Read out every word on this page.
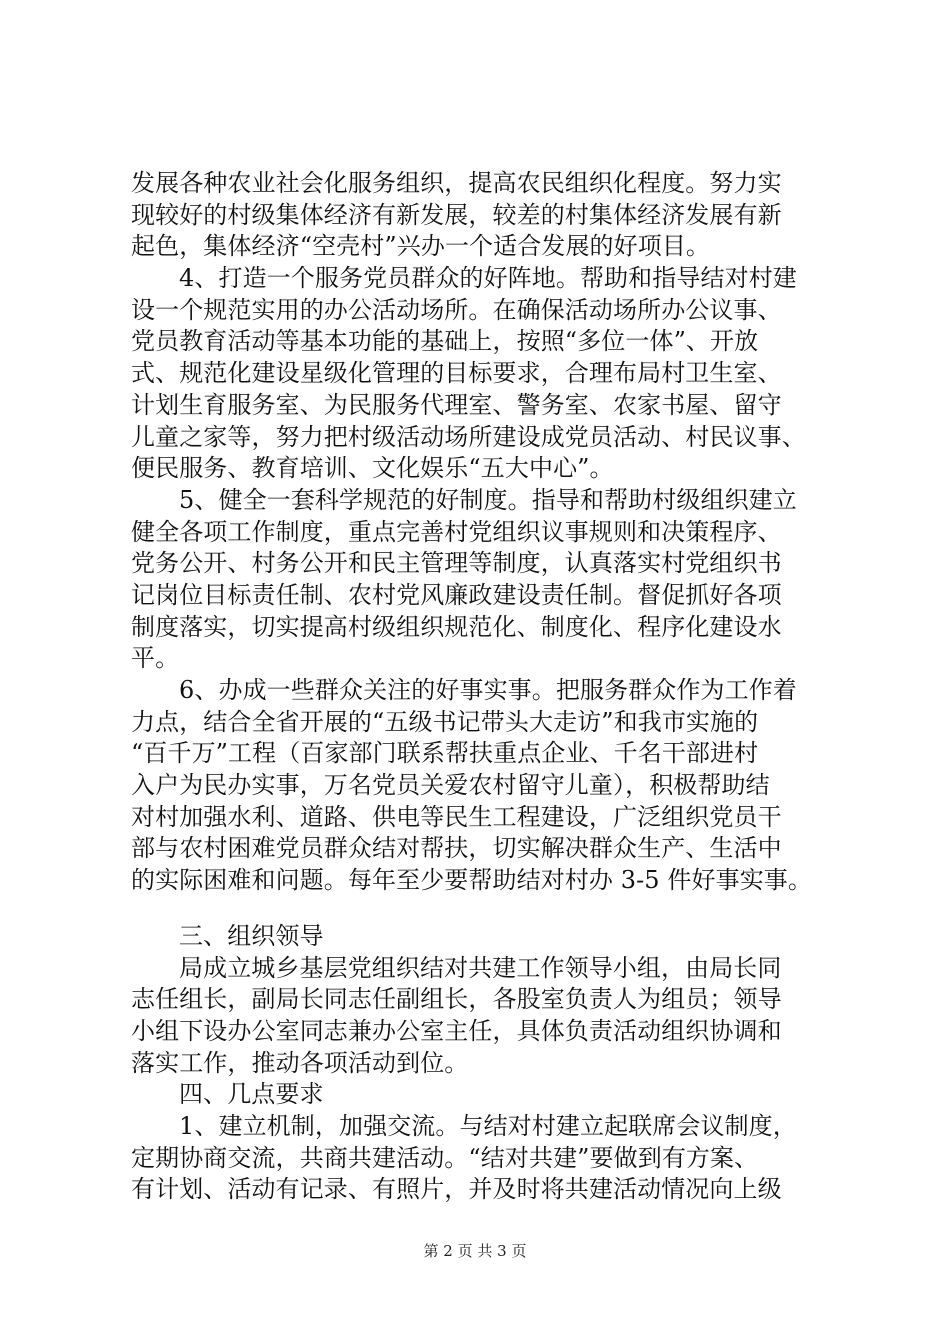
发展各种农业社会化服务组织，提高农民组织化程度。努力实
现较好的村级集体经济有新发展，较差的村集体经济发展有新
起色，集体经济“空壳村”兴办一个适合发展的好项目。
4、打造一个服务党员群众的好阵地。帮助和指导结对村建
设一个规范实用的办公活动场所。在确保活动场所办公议事、
党员教育活动等基本功能的基础上，按照“多位一体”、开放
式、规范化建设星级化管理的目标要求，合理布局村卫生室、
计划生育服务室、为民服务代理室、警务室、农家书屋、留守
儿童之家等，努力把村级活动场所建设成党员活动、村民议事、
便民服务、教育培训、文化娱乐“五大中心”。
5、健全一套科学规范的好制度。指导和帮助村级组织建立
健全各项工作制度，重点完善村党组织议事规则和决策程序、
党务公开、村务公开和民主管理等制度，认真落实村党组织书
记岗位目标责任制、农村党风廉政建设责任制。督促抓好各项
制度落实，切实提高村级组织规范化、制度化、程序化建设水
平。
6、办成一些群众关注的好事实事。把服务群众作为工作着
力点，结合全省开展的“五级书记带头大走访”和我市实施的
“百千万”工程（百家部门联系帮扶重点企业、千名干部进村
入户为民办实事，万名党员关爱农村留守儿童），积极帮助结
对村加强水利、道路、供电等民生工程建设，广泛组织党员干
部与农村困难党员群众结对帮扶，切实解决群众生产、生活中
的实际困难和问题。每年至少要帮助结对村办 3-5 件好事实事。
三、组织领导
局成立城乡基层党组织结对共建工作领导小组，由局长同
志任组长，副局长同志任副组长，各股室负责人为组员；领导
小组下设办公室同志兼办公室主任，具体负责活动组织协调和
落实工作，推动各项活动到位。
四、几点要求
1、建立机制，加强交流。与结对村建立起联席会议制度，
定期协商交流，共商共建活动。“结对共建”要做到有方案、
有计划、活动有记录、有照片，并及时将共建活动情况向上级
第 2 页 共 3 页
